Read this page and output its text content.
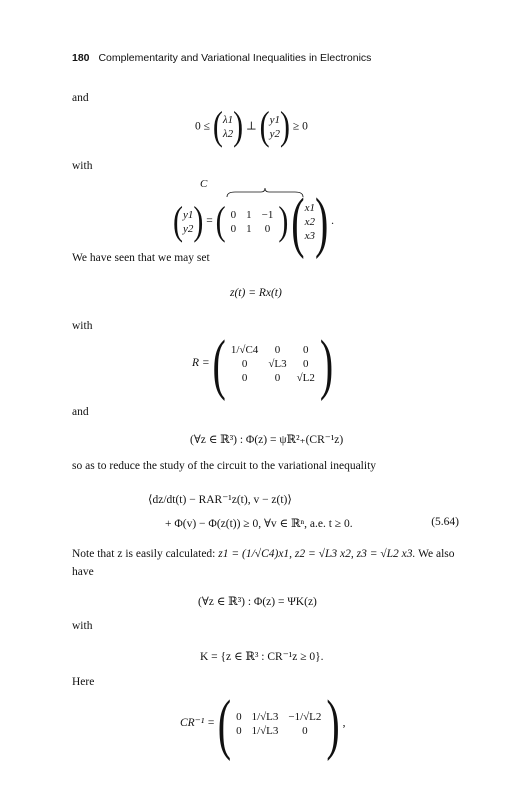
180 Complementarity and Variational Inequalities in Electronics
and
0 ≤ (λ1
λ2) ⊥ (y1
y2) ≥ 0
with
C
(y1
y2) = ( 0	1	−1
0	1	0 ) (x1
x2
x3) .
We have seen that we may set
z(t) = Rx(t)
with
R = ( 1/√C4	0	0
0	√L3	0
0	0	√L2 )
and
(∀z ∈ ℝ³) : Φ(z) = ψℝ²₊(CR⁻¹z)
so as to reduce the study of the circuit to the variational inequality
⟨dz/dt(t) − RAR⁻¹z(t), v − z(t)⟩
+ Φ(v) − Φ(z(t)) ≥ 0, ∀v ∈ ℝⁿ, a.e. t ≥ 0.	(5.64)
Note that z is easily calculated: z1 = (1/√C4)x1, z2 = √L3 x2, z3 = √L2 x3. We also
have
(∀z ∈ ℝ³) : Φ(z) = ΨK(z)
with
K = {z ∈ ℝ³ : CR⁻¹z ≥ 0}.
Here
CR⁻¹ = ( 0	1/√L3	−1/√L2
0	1/√L3	0 ) ,
